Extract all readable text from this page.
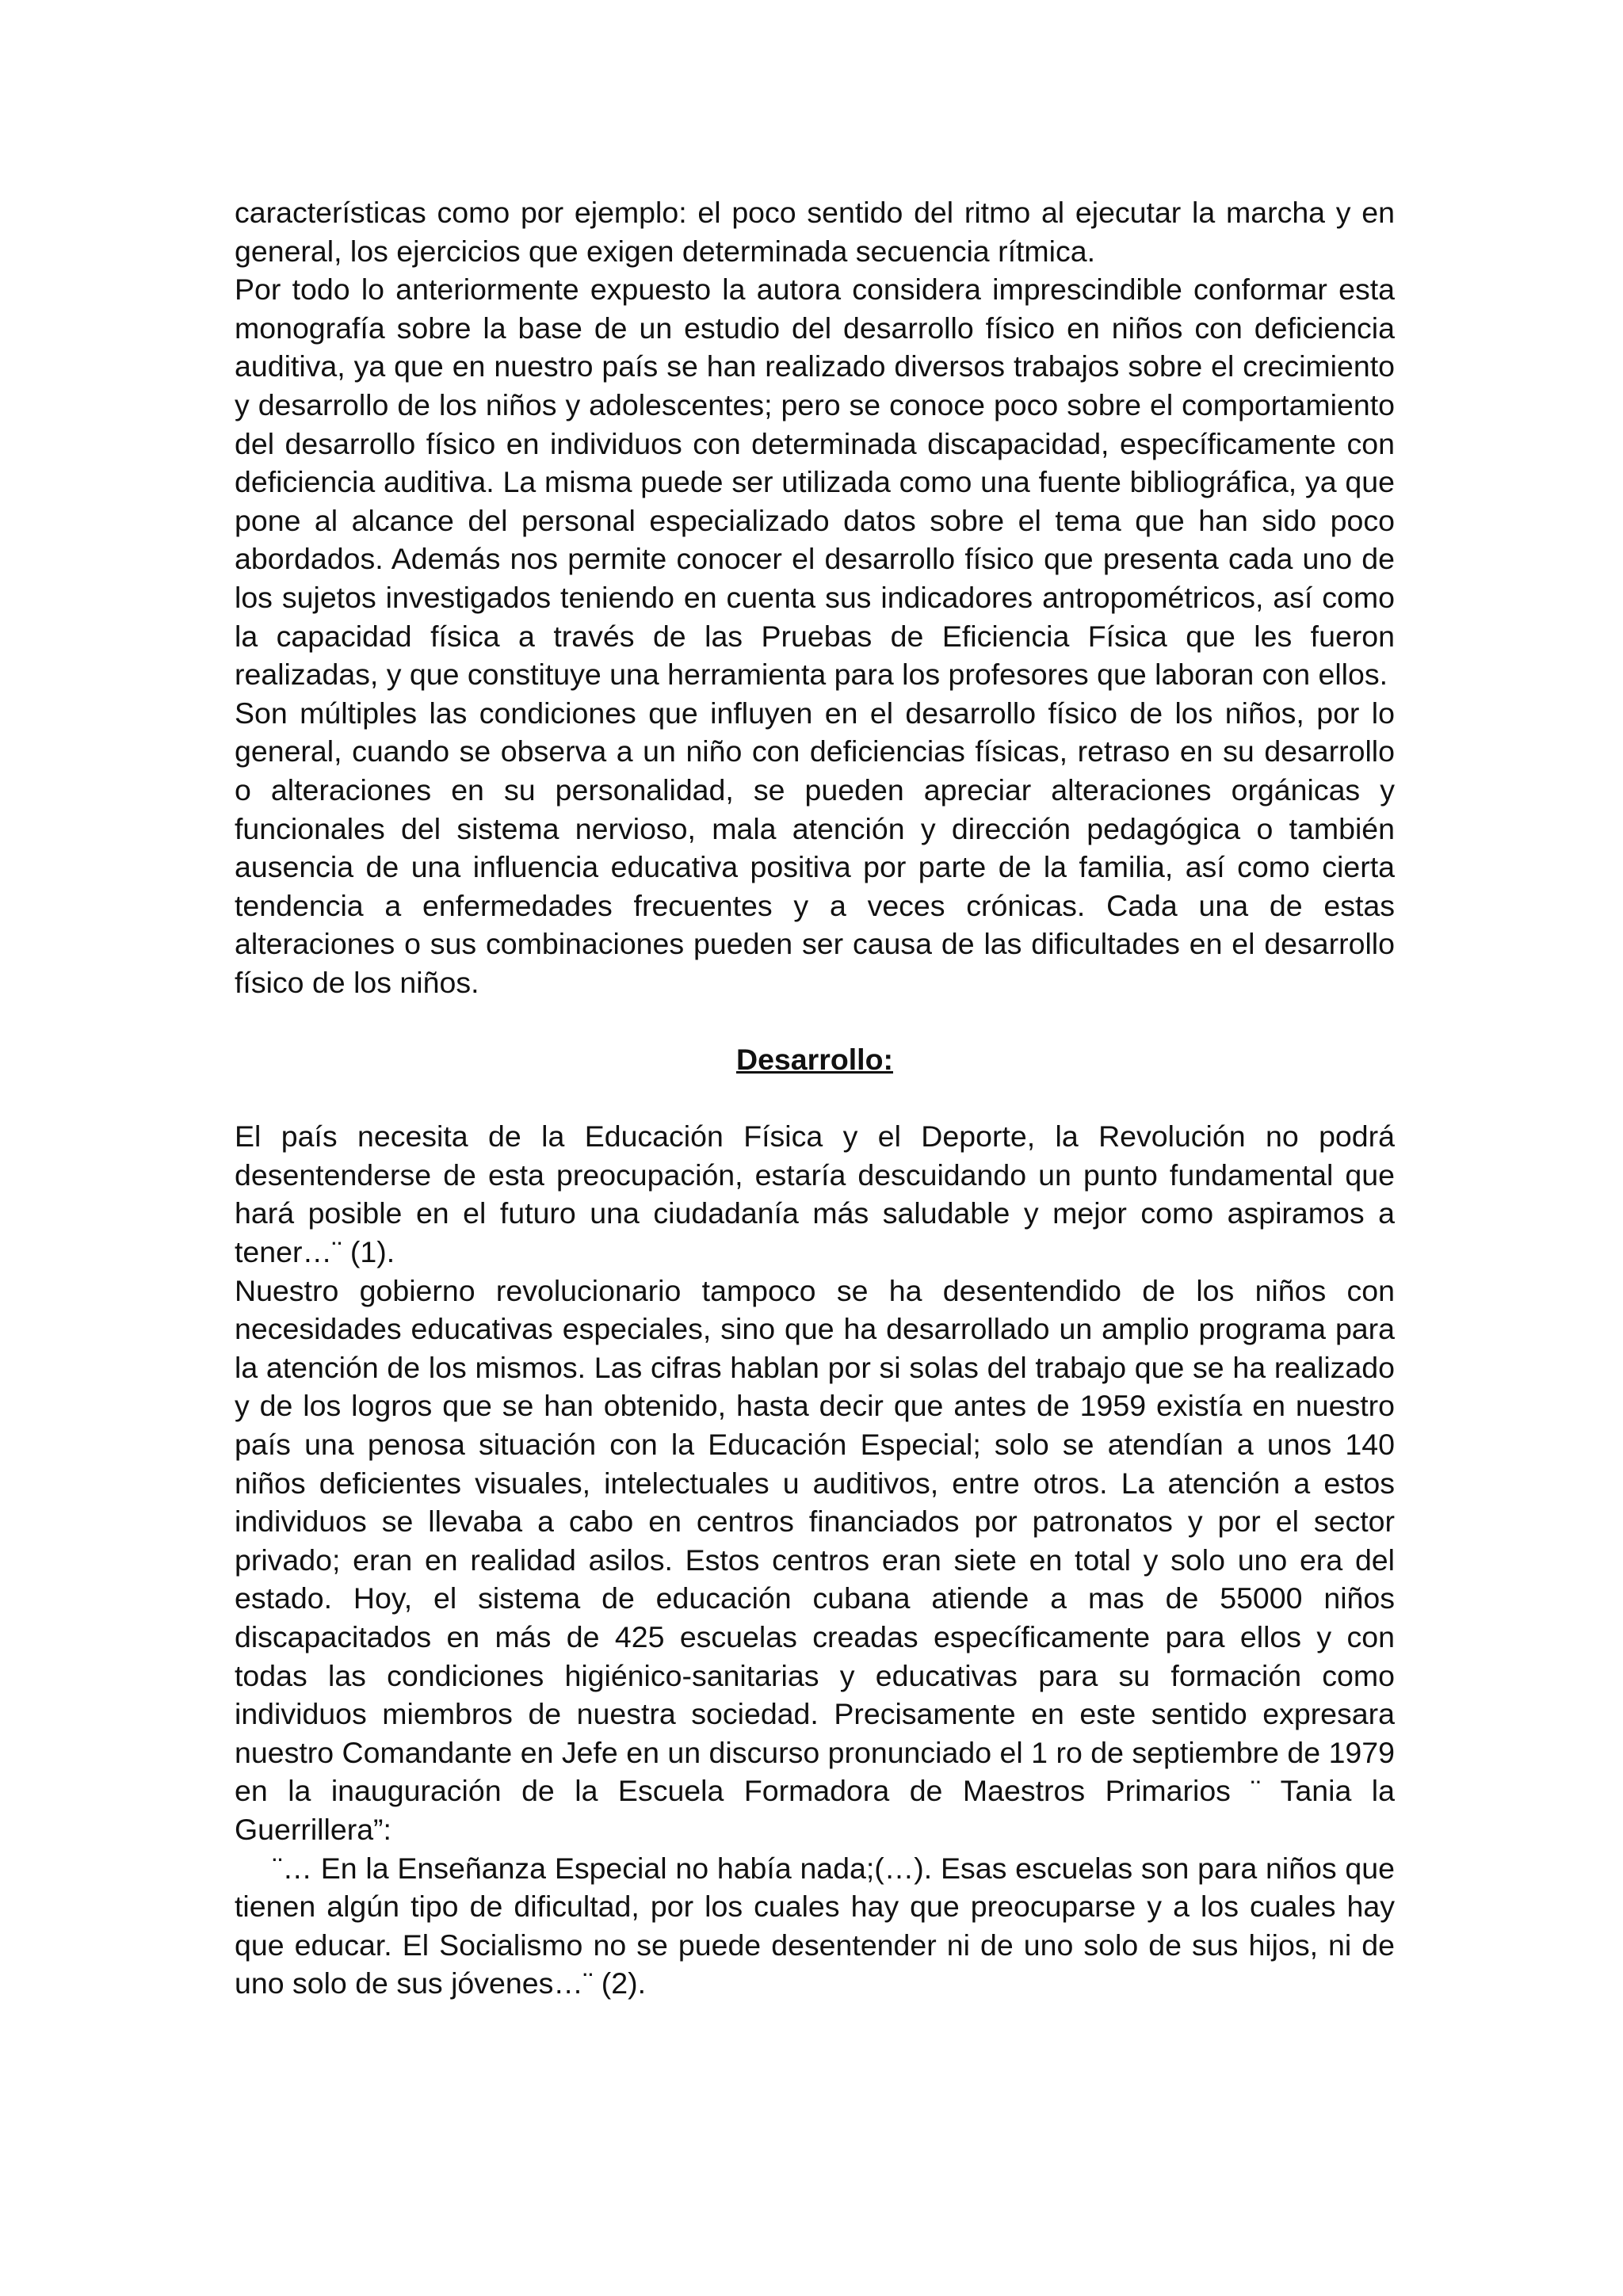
características como por ejemplo: el poco sentido del ritmo al ejecutar la marcha y en general, los ejercicios que exigen determinada secuencia rítmica.

Por todo lo anteriormente expuesto la autora considera imprescindible conformar esta monografía sobre la base de un estudio del desarrollo físico en niños con deficiencia auditiva, ya que en nuestro país se han realizado diversos trabajos sobre el crecimiento y desarrollo de los niños y adolescentes; pero se conoce poco sobre el comportamiento del desarrollo físico en individuos con determinada discapacidad, específicamente con deficiencia auditiva. La misma puede ser utilizada como una fuente bibliográfica, ya que pone al alcance del personal especializado datos sobre el tema que han sido poco abordados. Además nos permite conocer el desarrollo físico que presenta cada uno de los sujetos investigados teniendo en cuenta sus indicadores antropométricos, así como la capacidad física a través de las Pruebas de Eficiencia Física que les fueron realizadas, y que constituye una herramienta para los profesores que laboran con ellos.

Son múltiples las condiciones que influyen en el desarrollo físico de los niños, por lo general, cuando se observa a un niño con deficiencias físicas, retraso en su desarrollo o alteraciones en su personalidad, se pueden apreciar alteraciones orgánicas y funcionales del sistema nervioso, mala atención y dirección pedagógica o también ausencia de una influencia educativa positiva por parte de la familia, así como cierta tendencia a enfermedades frecuentes y a veces crónicas. Cada una de estas alteraciones o sus combinaciones pueden ser causa de las dificultades en el desarrollo físico de los niños.

Desarrollo:

El país necesita de la Educación Física y el Deporte, la Revolución no podrá desentenderse de esta preocupación, estaría descuidando un punto fundamental que hará posible en el futuro una ciudadanía más saludable y mejor como aspiramos a tener…¨ (1).

Nuestro gobierno revolucionario tampoco se ha desentendido de los niños con necesidades educativas especiales, sino que ha desarrollado un amplio programa para la atención de los mismos. Las cifras hablan por si solas del trabajo que se ha realizado y de los logros que se han obtenido, hasta decir que antes de 1959 existía en nuestro país una penosa situación con la Educación Especial; solo se atendían a unos 140 niños deficientes visuales, intelectuales u auditivos, entre otros. La atención a estos individuos se llevaba a cabo en centros financiados por patronatos y por el sector privado; eran en realidad asilos. Estos centros eran siete en total y solo uno era del estado. Hoy, el sistema de educación cubana atiende a mas de 55000 niños discapacitados en más de 425 escuelas creadas específicamente para ellos y con todas las condiciones higiénico-sanitarias y educativas para su formación como individuos miembros de nuestra sociedad. Precisamente en este sentido expresara nuestro Comandante en Jefe en un discurso pronunciado el 1 ro de septiembre de 1979 en la inauguración de la Escuela Formadora de Maestros Primarios ¨ Tania la Guerrillera”:

¨… En la Enseñanza Especial no había nada;(…). Esas escuelas son para niños que tienen algún tipo de dificultad, por los cuales hay que preocuparse y a los cuales hay que educar. El Socialismo no se puede desentender ni de uno solo de sus hijos, ni de uno solo de sus jóvenes…¨ (2).
